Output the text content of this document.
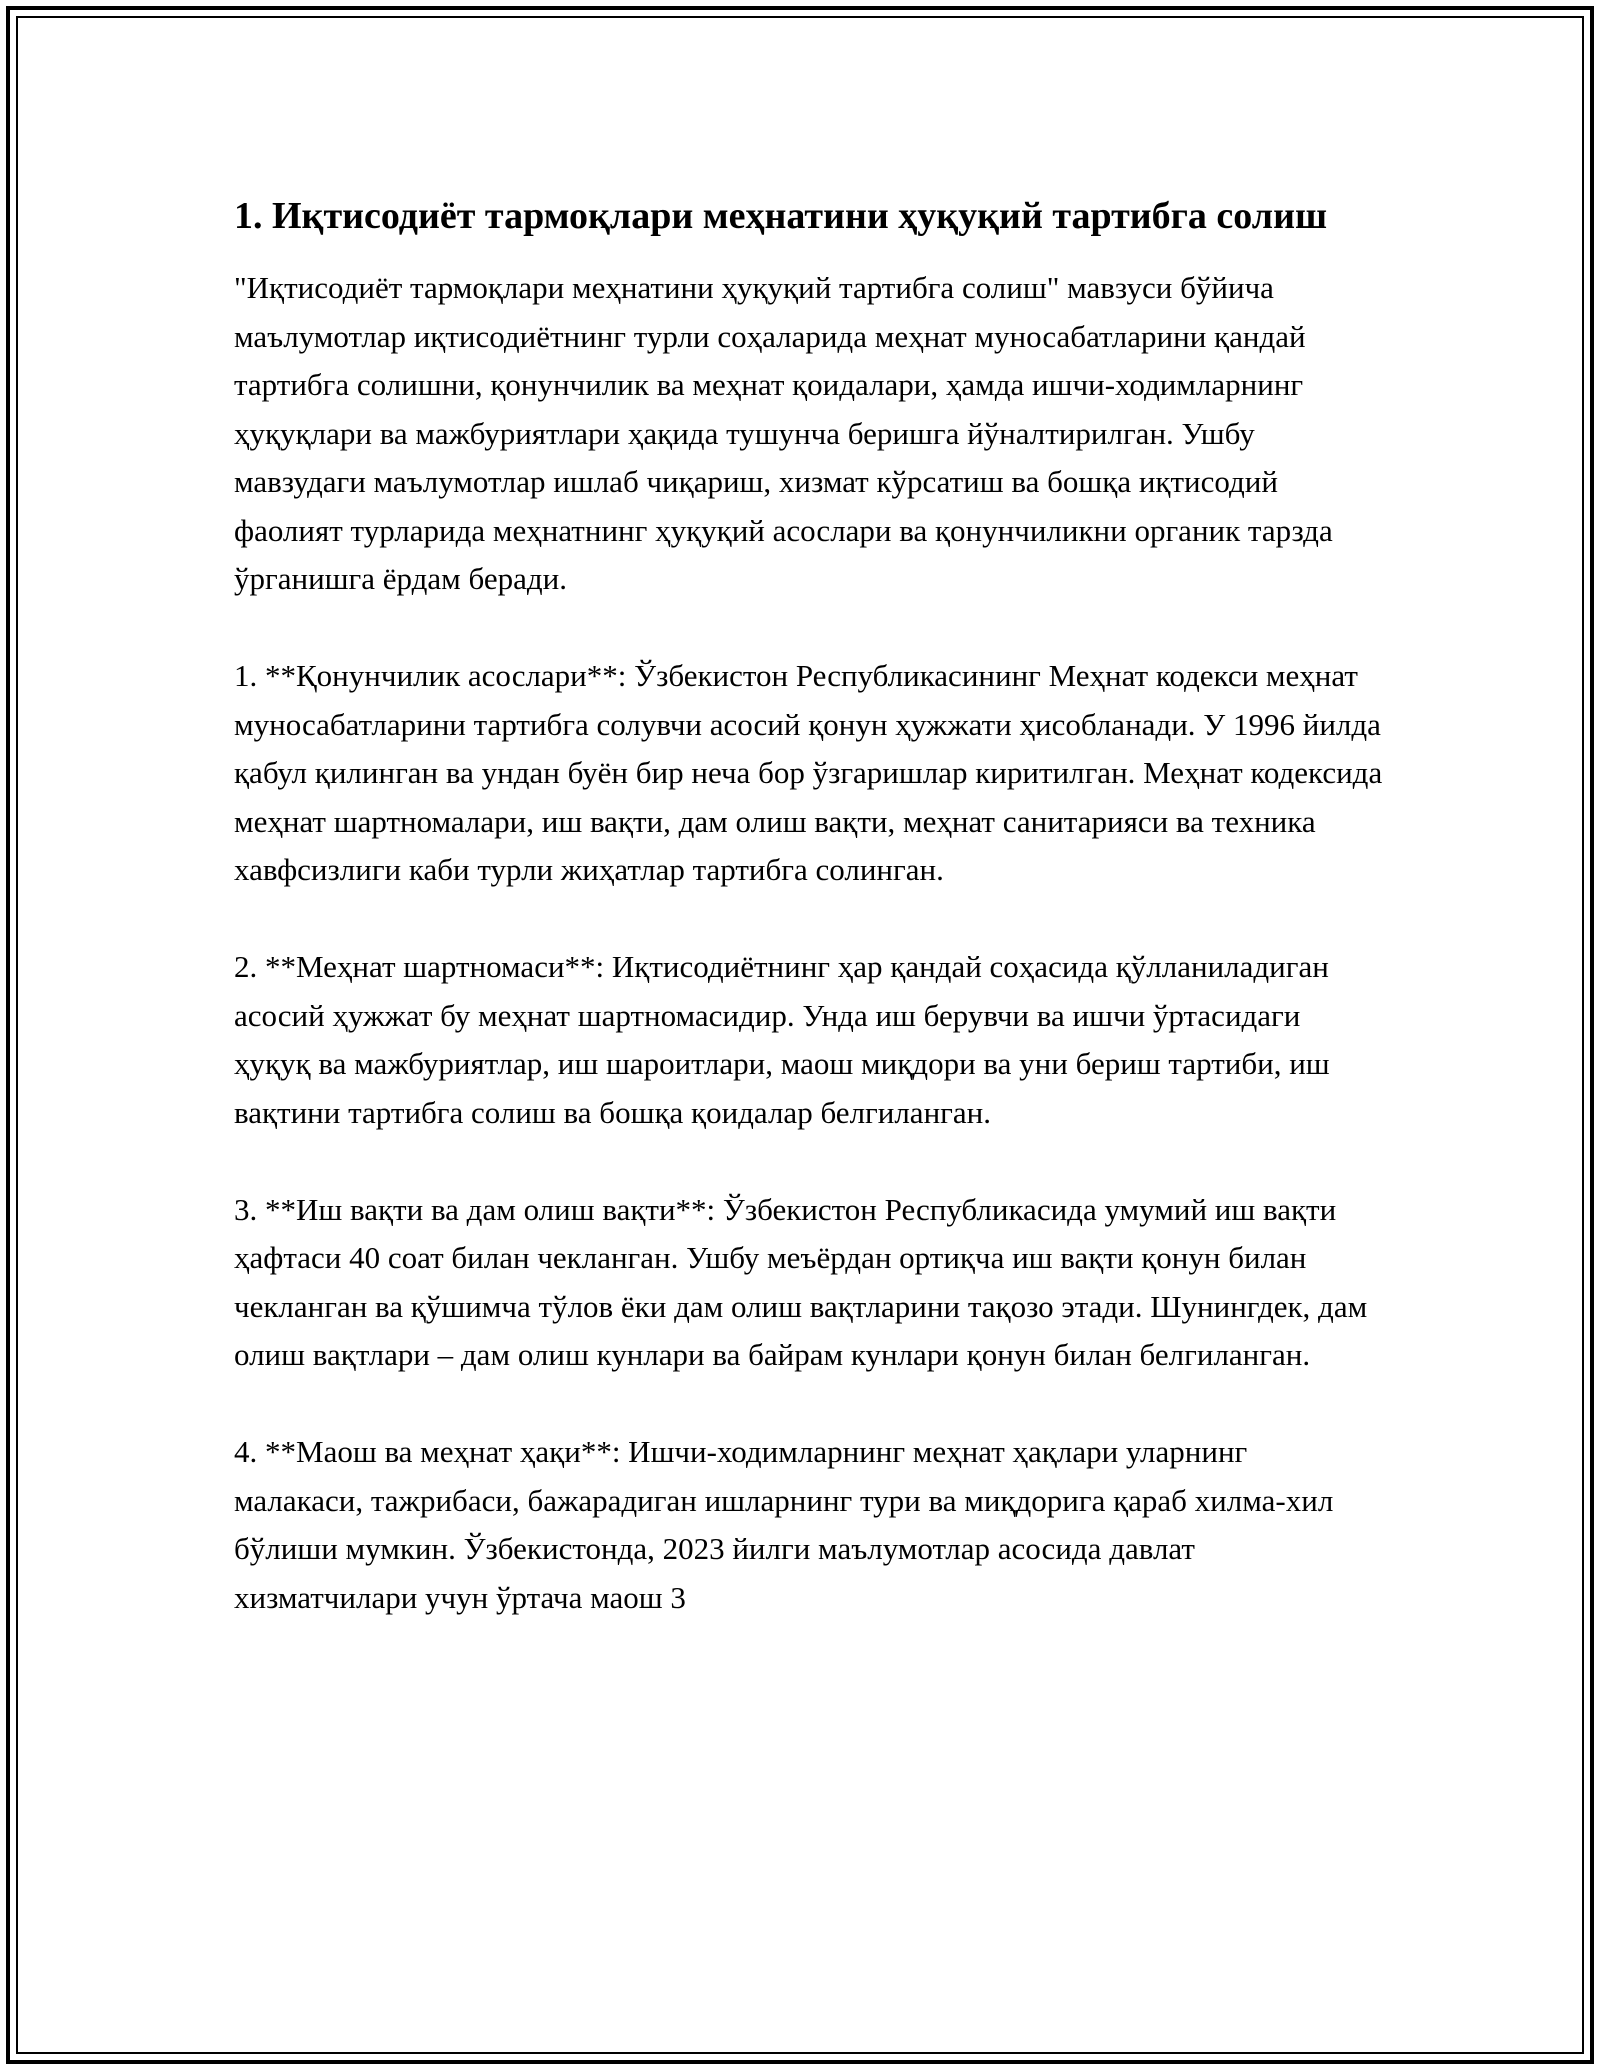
1. Иқтисодиёт тармоқлари меҳнатини ҳуқуқий тартибга солиш

"Иқтисодиёт тармоқлари меҳнатини ҳуқуқий тартибга солиш" мавзуси бўйича маълумотлар иқтисодиётнинг турли соҳаларида меҳнат муносабатларини қандай тартибга солишни, қонунчилик ва меҳнат қоидалари, ҳамда ишчи-ходимларнинг ҳуқуқлари ва мажбуриятлари ҳақида тушунча беришга йўналтирилган. Ушбу мавзудаги маълумотлар ишлаб чиқариш, хизмат кўрсатиш ва бошқа иқтисодий фаолият турларида меҳнатнинг ҳуқуқий асослари ва қонунчиликни органик тарзда ўрганишга ёрдам беради.

1. **Қонунчилик асослари**: Ўзбекистон Республикасининг Меҳнат кодекси меҳнат муносабатларини тартибга солувчи асосий қонун ҳужжати ҳисобланади. У 1996 йилда қабул қилинган ва ундан буён бир неча бор ўзгаришлар киритилган. Меҳнат кодексида меҳнат шартномалари, иш вақти, дам олиш вақти, меҳнат санитарияси ва техника хавфсизлиги каби турли жиҳатлар тартибга солинган.

2. **Меҳнат шартномаси**: Иқтисодиётнинг ҳар қандай соҳасида қўлланиладиган асосий ҳужжат бу меҳнат шартномасидир. Унда иш берувчи ва ишчи ўртасидаги ҳуқуқ ва мажбуриятлар, иш шароитлари, маош миқдори ва уни бериш тартиби, иш вақтини тартибга солиш ва бошқа қоидалар белгиланган.

3. **Иш вақти ва дам олиш вақти**: Ўзбекистон Республикасида умумий иш вақти ҳафтаси 40 соат билан чекланган. Ушбу меъёрдан ортиқча иш вақти қонун билан чекланган ва қўшимча тўлов ёки дам олиш вақтларини тақозо этади. Шунингдек, дам олиш вақтлари – дам олиш кунлари ва байрам кунлари қонун билан белгиланган.

4. **Маош ва меҳнат ҳақи**: Ишчи-ходимларнинг меҳнат ҳақлари уларнинг малакаси, тажрибаси, бажарадиган ишларнинг тури ва миқдорига қараб хилма-хил бўлиши мумкин. Ўзбекистонда, 2023 йилги маълумотлар асосида давлат хизматчилари учун ўртача маош 3
